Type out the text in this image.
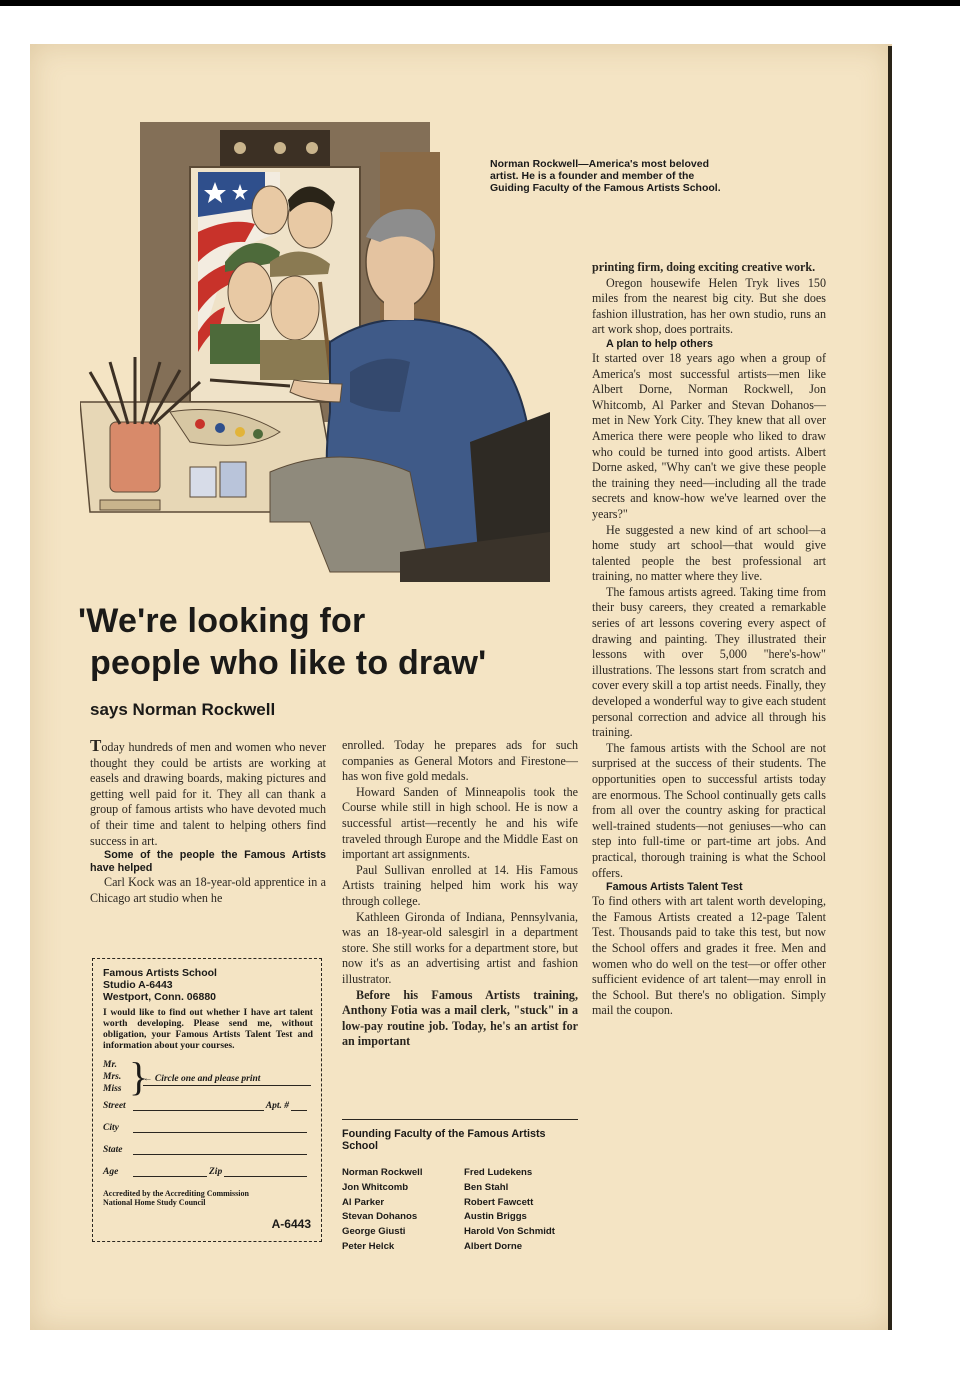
Norman Rockwell—America's most beloved artist. He is a founder and member of the Guiding Faculty of the Famous Artists School.
'We're looking for
people who like to draw'
says Norman Rockwell

Today hundreds of men and women who never thought they could be artists are working at easels and drawing boards, making pictures and getting well paid for it. They all can thank a group of famous artists who have devoted much of their time and talent to helping others find success in art.

Some of the people the Famous Artists have helped

Carl Kock was an 18-year-old apprentice in a Chicago art studio when he

Famous Artists School
Studio A-6443
Westport, Conn. 06880
I would like to find out whether I have art talent worth developing. Please send me, without obligation, your Famous Artists Talent Test and information about your courses.
Mr.
Mrs.
Miss }
← Circle one and please print
Street	Apt. #
City
State
Age	Zip
Accredited by the Accrediting Commission National Home Study Council
A-6443

enrolled. Today he prepares ads for such companies as General Motors and Firestone—has won five gold medals.

Howard Sanden of Minneapolis took the Course while still in high school. He is now a successful artist—recently he and his wife traveled through Europe and the Middle East on important art assignments.

Paul Sullivan enrolled at 14. His Famous Artists training helped him work his way through college.

Kathleen Gironda of Indiana, Pennsylvania, was an 18-year-old salesgirl in a department store. She still works for a department store, but now it's as an advertising artist and fashion illustrator.

Before his Famous Artists training, Anthony Fotia was a mail clerk, "stuck" in a low-pay routine job. Today, he's an artist for an important

Founding Faculty of the Famous Artists School
Norman Rockwell
Jon Whitcomb
Al Parker
Stevan Dohanos
George Giusti
Peter Helck
Fred Ludekens
Ben Stahl
Robert Fawcett
Austin Briggs
Harold Von Schmidt
Albert Dorne

printing firm, doing exciting creative work.

Oregon housewife Helen Tryk lives 150 miles from the nearest big city. But she does fashion illustration, has her own studio, runs an art work shop, does portraits.

A plan to help others

It started over 18 years ago when a group of America's most successful artists—men like Albert Dorne, Norman Rockwell, Jon Whitcomb, Al Parker and Stevan Dohanos—met in New York City. They knew that all over America there were people who liked to draw who could be turned into good artists. Albert Dorne asked, "Why can't we give these people the training they need—including all the trade secrets and know-how we've learned over the years?"

He suggested a new kind of art school—a home study art school—that would give talented people the best professional art training, no matter where they live.

The famous artists agreed. Taking time from their busy careers, they created a remarkable series of art lessons covering every aspect of drawing and painting. They illustrated their lessons with over 5,000 "here's-how" illustrations. The lessons start from scratch and cover every skill a top artist needs. Finally, they developed a wonderful way to give each student personal correction and advice all through his training.

The famous artists with the School are not surprised at the success of their students. The opportunities open to successful artists today are enormous. The School continually gets calls from all over the country asking for practical well-trained students—not geniuses—who can step into full-time or part-time art jobs. And practical, thorough training is what the School offers.

Famous Artists Talent Test

To find others with art talent worth developing, the Famous Artists created a 12-page Talent Test. Thousands paid to take this test, but now the School offers and grades it free. Men and women who do well on the test—or offer other sufficient evidence of art talent—may enroll in the School. But there's no obligation. Simply mail the coupon.
